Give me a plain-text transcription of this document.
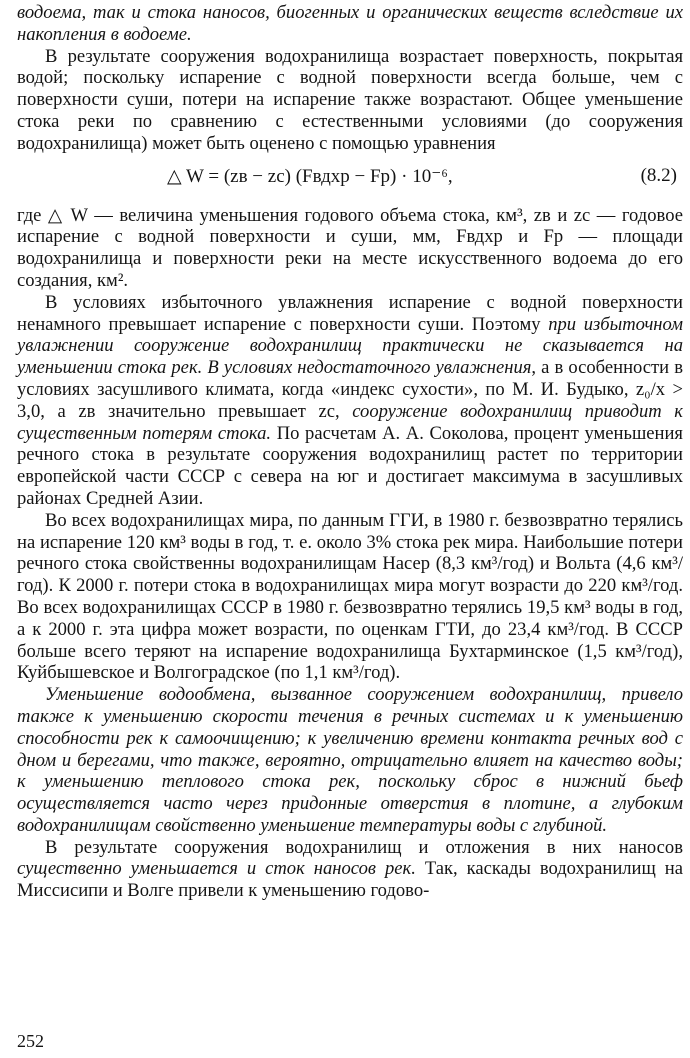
водоема, так и стока наносов, биогенных и органических веществ вследствие их накопления в водоеме.

В результате сооружения водохранилища возрастает поверхность, покрытая водой; поскольку испарение с водной поверхности всегда больше, чем с поверхности суши, потери на испарение также возрастают. Общее уменьшение стока реки по сравнению с естественными условиями (до сооружения водохранилища) может быть оценено с помощью уравнения

△ W = (zв − zс) (Fвдхр − Fр) · 10⁻⁶,	(8.2)

где △ W — величина уменьшения годового объема стока, км³, zв и zс — годовое испарение с водной поверхности и суши, мм, Fвдхр и Fр — площади водохранилища и поверхности реки на месте искусственного водоема до его создания, км².

В условиях избыточного увлажнения испарение с водной поверхности ненамного превышает испарение с поверхности суши. Поэтому при избыточном увлажнении сооружение водохранилищ практически не сказывается на уменьшении стока рек. В условиях недостаточного увлажнения, а в особенности в условиях засушливого климата, когда «индекс сухости», по М. И. Будыко, z₀/x > 3,0, а zв значительно превышает zс, сооружение водохранилищ приводит к существенным потерям стока. По расчетам А. А. Соколова, процент уменьшения речного стока в результате сооружения водохранилищ растет по территории европейской части СССР с севера на юг и достигает максимума в засушливых районах Средней Азии.

Во всех водохранилищах мира, по данным ГГИ, в 1980 г. безвозвратно терялись на испарение 120 км³ воды в год, т. е. около 3% стока рек мира. Наибольшие потери речного стока свойственны водохранилищам Насер (8,3 км³/год) и Вольта (4,6 км³/год). К 2000 г. потери стока в водохранилищах мира могут возрасти до 220 км³/год. Во всех водохранилищах СССР в 1980 г. безвозвратно терялись 19,5 км³ воды в год, а к 2000 г. эта цифра может возрасти, по оценкам ГТИ, до 23,4 км³/год. В СССР больше всего теряют на испарение водохранилища Бухтарминское (1,5 км³/год), Куйбышевское и Волгоградское (по 1,1 км³/год).

Уменьшение водообмена, вызванное сооружением водохранилищ, привело также к уменьшению скорости течения в речных системах и к уменьшению способности рек к самоочищению; к увеличению времени контакта речных вод с дном и берегами, что также, вероятно, отрицательно влияет на качество воды; к уменьшению теплового стока рек, поскольку сброс в нижний бьеф осуществляется часто через придонные отверстия в плотине, а глубоким водохранилищам свойственно уменьшение температуры воды с глубиной.

В результате сооружения водохранилищ и отложения в них наносов существенно уменьшается и сток наносов рек. Так, каскады водохранилищ на Миссисипи и Волге привели к уменьшению годово-

252
